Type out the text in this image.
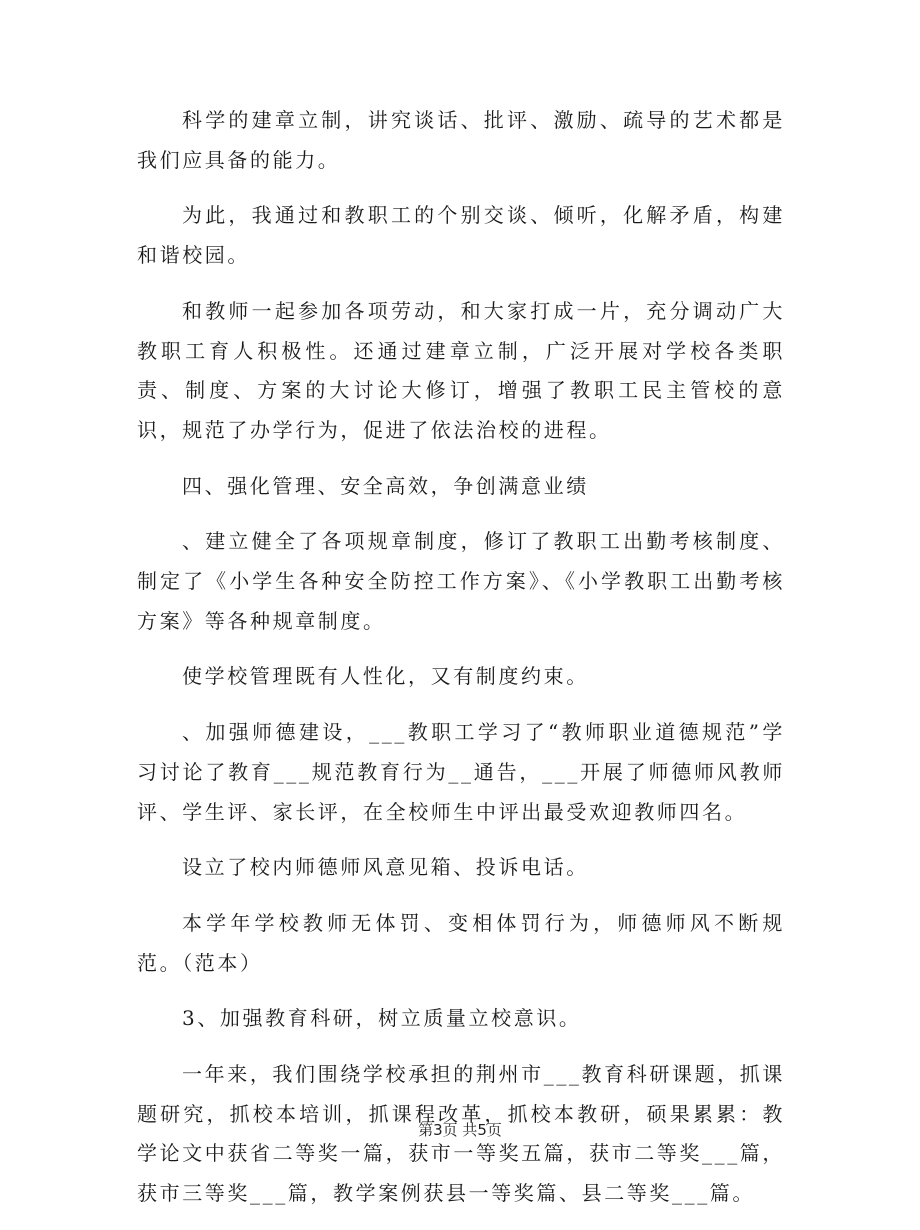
科学的建章立制，讲究谈话、批评、激励、疏导的艺术都是我们应具备的能力。

为此，我通过和教职工的个别交谈、倾听，化解矛盾，构建和谐校园。

和教师一起参加各项劳动，和大家打成一片，充分调动广大教职工育人积极性。还通过建章立制，广泛开展对学校各类职责、制度、方案的大讨论大修订，增强了教职工民主管校的意识，规范了办学行为，促进了依法治校的进程。

四、强化管理、安全高效，争创满意业绩

、建立健全了各项规章制度，修订了教职工出勤考核制度、制定了《小学生各种安全防控工作方案》、《小学教职工出勤考核方案》等各种规章制度。

使学校管理既有人性化，又有制度约束。

、加强师德建设，___教职工学习了“教师职业道德规范”学习讨论了教育___规范教育行为__通告，___开展了师德师风教师评、学生评、家长评，在全校师生中评出最受欢迎教师四名。

设立了校内师德师风意见箱、投诉电话。

本学年学校教师无体罚、变相体罚行为，师德师风不断规范。（范本）

3、加强教育科研，树立质量立校意识。

一年来，我们围绕学校承担的荆州市___教育科研课题，抓课题研究，抓校本培训，抓课程改革，抓校本教研，硕果累累：教学论文中获省二等奖一篇，获市一等奖五篇，获市二等奖___篇，获市三等奖___篇，教学案例获县一等奖篇、县二等奖___篇。

第3页 共5页
